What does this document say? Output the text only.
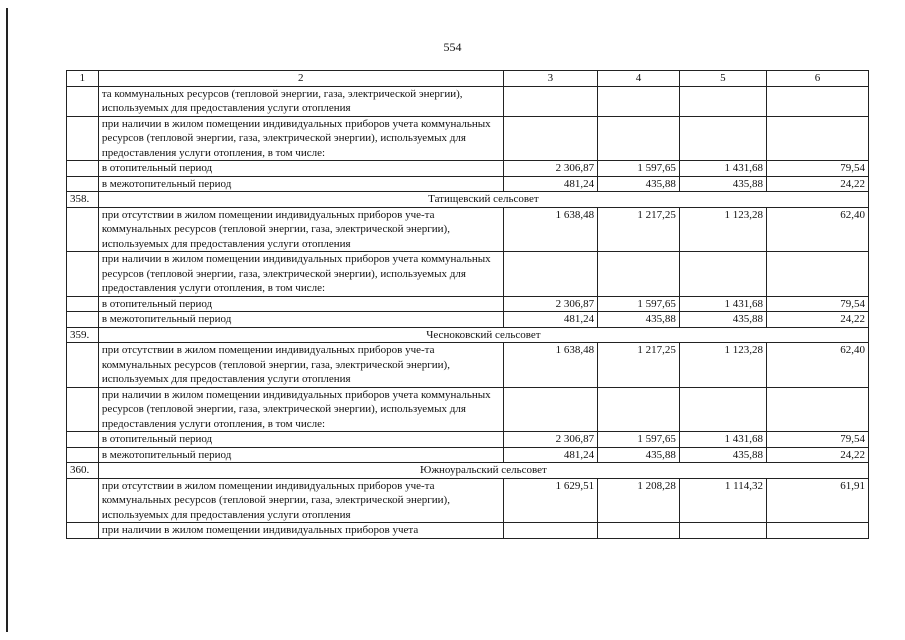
554
1	2	3	4	5	6
	та коммунальных ресурсов (тепловой энергии, газа, электрической энергии), используемых для предоставления услуги отопления				
	при наличии в жилом помещении индивидуальных приборов учета коммунальных ресурсов (тепловой энергии, газа, электрической энергии), используемых для предоставления услуги отопления, в том числе:				
	в отопительный период	2 306,87	1 597,65	1 431,68	79,54
	в межотопительный период	481,24	435,88	435,88	24,22
358.	Татищевский сельсовет				
	при отсутствии в жилом помещении индивидуальных приборов уче-та коммунальных ресурсов (тепловой энергии, газа, электрической энергии), используемых для предоставления услуги отопления	1 638,48	1 217,25	1 123,28	62,40
	при наличии в жилом помещении индивидуальных приборов учета коммунальных ресурсов (тепловой энергии, газа, электрической энергии), используемых для предоставления услуги отопления, в том числе:				
	в отопительный период	2 306,87	1 597,65	1 431,68	79,54
	в межотопительный период	481,24	435,88	435,88	24,22
359.	Чесноковский сельсовет				
	при отсутствии в жилом помещении индивидуальных приборов уче-та коммунальных ресурсов (тепловой энергии, газа, электрической энергии), используемых для предоставления услуги отопления	1 638,48	1 217,25	1 123,28	62,40
	при наличии в жилом помещении индивидуальных приборов учета коммунальных ресурсов (тепловой энергии, газа, электрической энергии), используемых для предоставления услуги отопления, в том числе:				
	в отопительный период	2 306,87	1 597,65	1 431,68	79,54
	в межотопительный период	481,24	435,88	435,88	24,22
360.	Южноуральский сельсовет				
	при отсутствии в жилом помещении индивидуальных приборов уче-та коммунальных ресурсов (тепловой энергии, газа, электрической энергии), используемых для предоставления услуги отопления	1 629,51	1 208,28	1 114,32	61,91
	при наличии в жилом помещении индивидуальных приборов учета				
